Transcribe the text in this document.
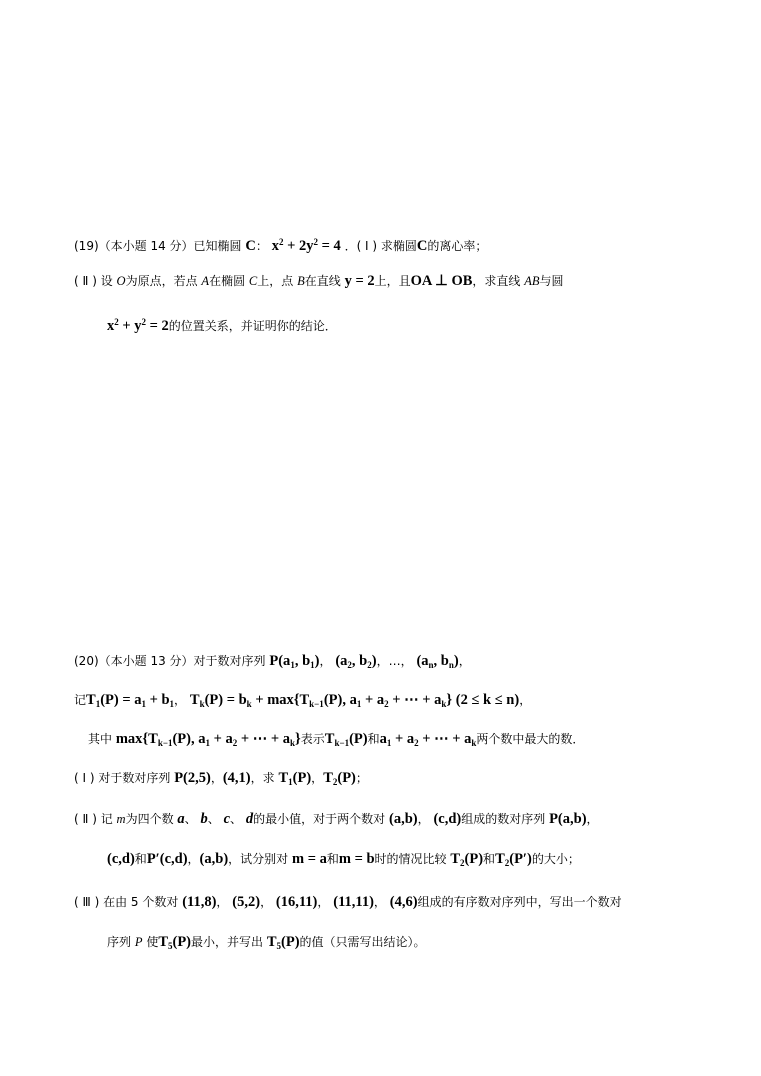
(19)（本小题 14 分）已知椭圆 C： $x^2 + 2y^2 = 4$ ．( Ⅰ ) 求椭圆C的离心率；
( Ⅱ ) 设 O为原点，若点 A在椭圆 C上，点 B在直线 y = 2上，且OA ⊥ OB，求直线 AB与圆
$x^2 + y^2 = 2$的位置关系，并证明你的结论．
(20)（本小题 13 分）对于数对序列 $P(a_1$, $b_1$)， ($a_2$, $b_2$)，…， ($a_n$, $b_n$)，
记$T_1(P) = a_1 + b_1$， $T_k(P) = b_k + \max\{T_{k-1}(P)$, $a_1 + a_2$ + ⋯ + $a_k$} (2 ≤ k ≤ n)，
其中 $\max\{T_{k-1}(P)$, $a_1 + a_2$ + ⋯ + $a_k$}表示$T_{k-1}(P)$和$a_1 + a_2$ + ⋯ + $a_k$两个数中最大的数．
( Ⅰ ) 对于数对序列 P(2,5)，(4,1)，求 $T_1(P)$，$T_2(P)$；
( Ⅱ ) 记 m为四个数 a、 b、 c、 d的最小值，对于两个数对 (a,b)， (c,d)组成的数对序列 P(a,b)，
(c,d)和P′(c,d)，(a,b)，试分别对 m = a和m = b时的情况比较 $T_2(P)$和$T_2(P')$的大小；
( Ⅲ ) 在由 5 个数对 (11,8)， (5,2)， (16,11)， (11,11)， (4,6)组成的有序数对序列中，写出一个数对
序列 P 使$T_5(P)$最小，并写出 $T_5(P)$的值（只需写出结论）。
